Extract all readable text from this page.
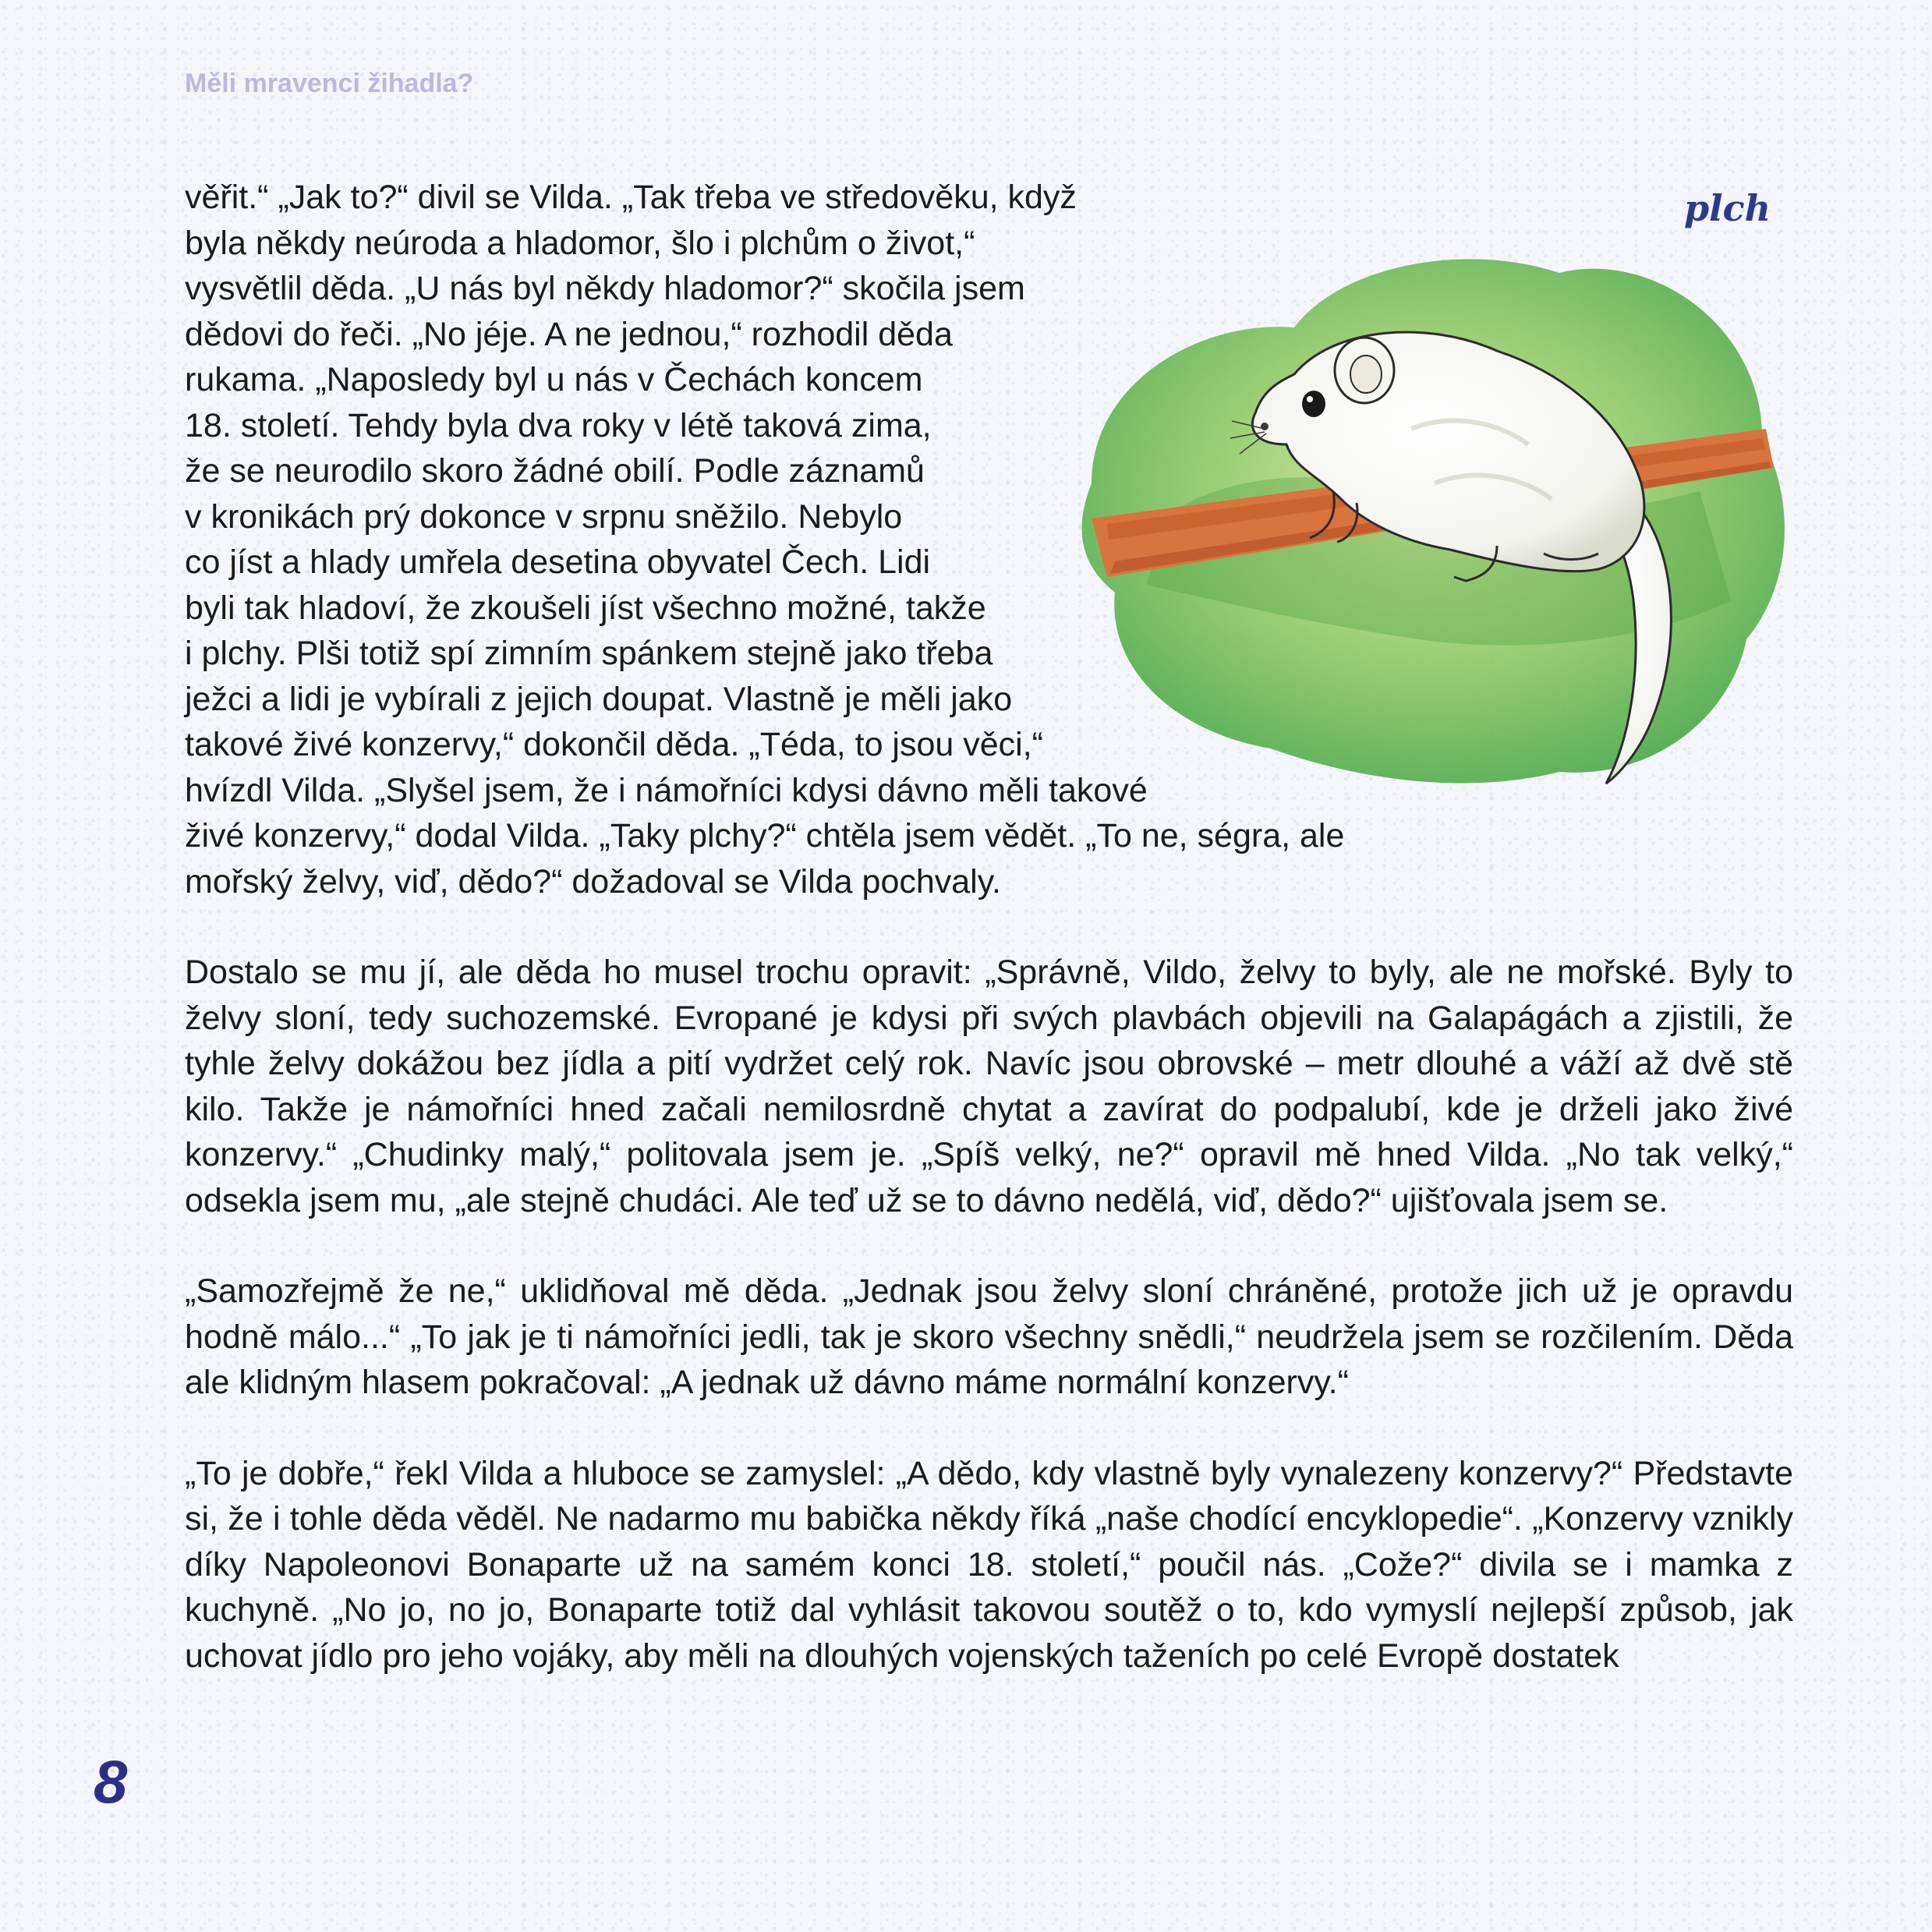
Měli mravenci žihadla?

plch

věřit.“ „Jak to?“ divil se Vilda. „Tak třeba ve středověku, když
byla někdy neúroda a hladomor, šlo i plchům o život,“
vysvětlil děda. „U nás byl někdy hladomor?“ skočila jsem
dědovi do řeči. „No jéje. A ne jednou,“ rozhodil děda
rukama. „Naposledy byl u nás v Čechách koncem
18. století. Tehdy byla dva roky v létě taková zima,
že se neurodilo skoro žádné obilí. Podle záznamů
v kronikách prý dokonce v srpnu sněžilo. Nebylo
co jíst a hlady umřela desetina obyvatel Čech. Lidi
byli tak hladoví, že zkoušeli jíst všechno možné, takže
i plchy. Plši totiž spí zimním spánkem stejně jako třeba
ježci a lidi je vybírali z jejich doupat. Vlastně je měli jako
takové živé konzervy,“ dokončil děda. „Téda, to jsou věci,“
hvízdl Vilda. „Slyšel jsem, že i námořníci kdysi dávno měli takové
živé konzervy,“ dodal Vilda. „Taky plchy?“ chtěla jsem vědět. „To ne, ségra, ale
mořský želvy, viď, dědo?“ dožadoval se Vilda pochvaly.

Dostalo se mu jí, ale děda ho musel trochu opravit: „Správně, Vildo, želvy to byly, ale ne mořské. Byly to želvy sloní, tedy suchozemské. Evropané je kdysi při svých plavbách objevili na Galapágách a zjistili, že tyhle želvy dokážou bez jídla a pití vydržet celý rok. Navíc jsou obrovské – metr dlouhé a váží až dvě stě kilo. Takže je námořníci hned začali nemilosrdně chytat a zavírat do podpalubí, kde je drželi jako živé konzervy.“ „Chudinky malý,“ politovala jsem je. „Spíš velký, ne?“ opravil mě hned Vilda. „No tak velký,“ odsekla jsem mu, „ale stejně chudáci. Ale teď už se to dávno nedělá, viď, dědo?“ ujišťovala jsem se.

„Samozřejmě že ne,“ uklidňoval mě děda. „Jednak jsou želvy sloní chráněné, protože jich už je opravdu hodně málo...“ „To jak je ti námořníci jedli, tak je skoro všechny snědli,“ neudržela jsem se rozčilením. Děda ale klidným hlasem pokračoval: „A jednak už dávno máme normální konzervy.“

„To je dobře,“ řekl Vilda a hluboce se zamyslel: „A dědo, kdy vlastně byly vynalezeny konzervy?“ Představte si, že i tohle děda věděl. Ne nadarmo mu babička někdy říká „naše chodící encyklopedie“. „Konzervy vznikly díky Napoleonovi Bonaparte už na samém konci 18. století,“ poučil nás. „Cože?“ divila se i mamka z kuchyně. „No jo, no jo, Bonaparte totiž dal vyhlásit takovou soutěž o to, kdo vymyslí nejlepší způsob, jak uchovat jídlo pro jeho vojáky, aby měli na dlouhých vojenských taženích po celé Evropě dostatek

8
